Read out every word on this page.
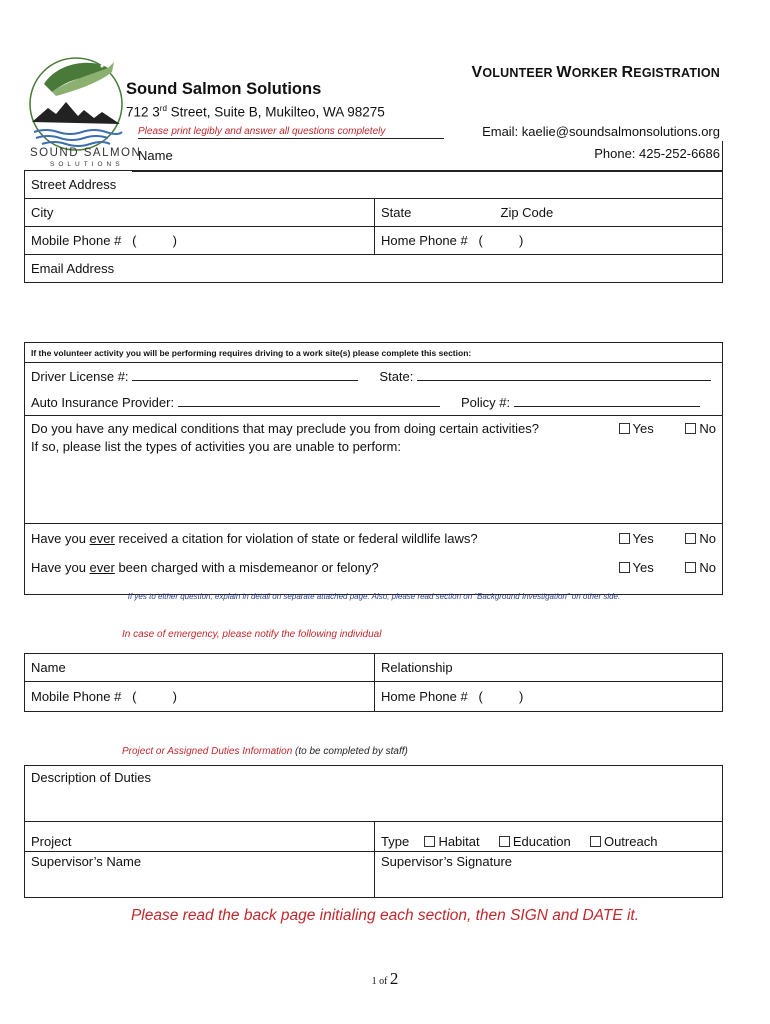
SOUND SALMON
SOLUTIONS
Sound Salmon Solutions
712 3rd Street, Suite B, Mukilteo, WA 98275
Please print legibly and answer all questions completely
VOLUNTEER WORKER REGISTRATION
Email: kaelie@soundsalmonsolutions.org
Phone: 425-252-6686
Name
Street Address		
City	State	Zip Code
Mobile Phone #   (          )	Home Phone #   (          )	
Email Address		
If the volunteer activity you will be performing requires driving to a work site(s) please complete this section:
Driver License #:	State:
Auto Insurance Provider:	Policy #:

Yes	No
Do you have any medical conditions that may preclude you from doing certain activities?
If so, please list the types of activities you are unable to perform:

Yes	No
Have you ever received a citation for violation of state or federal wildlife laws?

Yes	No
Have you ever been charged with a misdemeanor or felony?
If yes to either question, explain in detail on separate attached page. Also, please read section on “Background Investigation” on other side.
In case of emergency, please notify the following individual
Name	Relationship
Mobile Phone #   (          )	Home Phone #   (          )
Project or Assigned Duties Information (to be completed by staff)
Description of Duties	
Project	Type Habitat Education Outreach
Supervisor’s Name	Supervisor’s Signature
Please read the back page initialing each section, then SIGN and DATE it.
1 of 2
